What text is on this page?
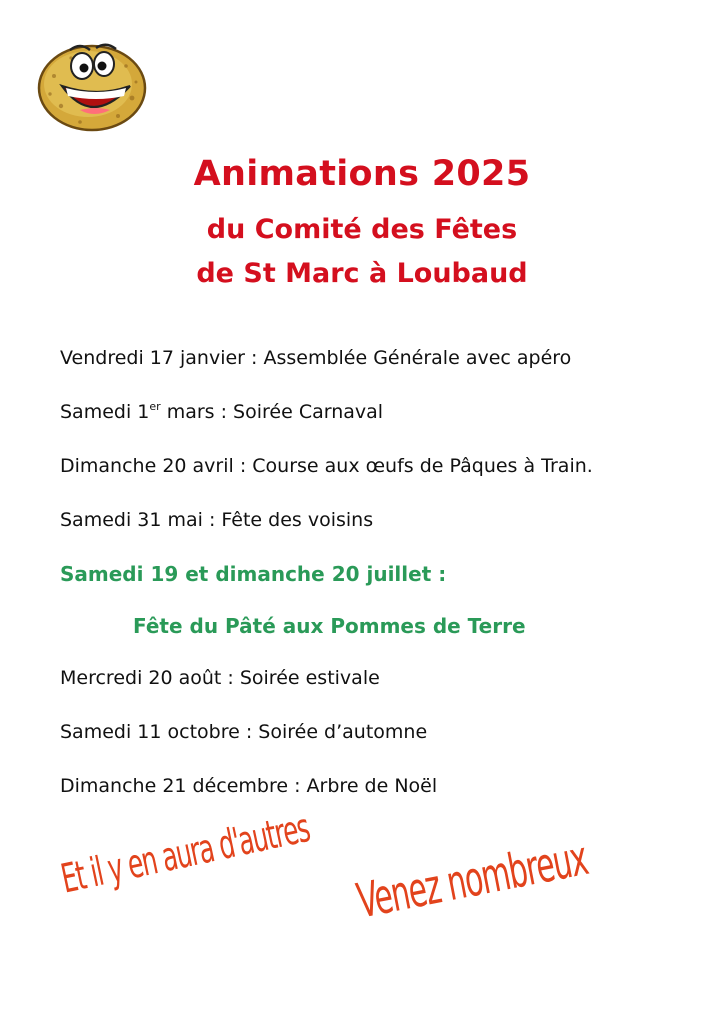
Animations 2025
du Comité des Fêtes
de St Marc à Loubaud
Vendredi 17 janvier : Assemblée Générale avec apéro
Samedi 1er mars : Soirée Carnaval
Dimanche 20 avril : Course aux œufs de Pâques à Train.
Samedi 31 mai : Fête des voisins
Samedi 19 et dimanche 20 juillet :
Fête du Pâté aux Pommes de Terre
Mercredi 20 août : Soirée estivale
Samedi 11 octobre : Soirée d’automne
Dimanche 21 décembre : Arbre de Noël

Et il y en aura d'autres Venez nombreux
